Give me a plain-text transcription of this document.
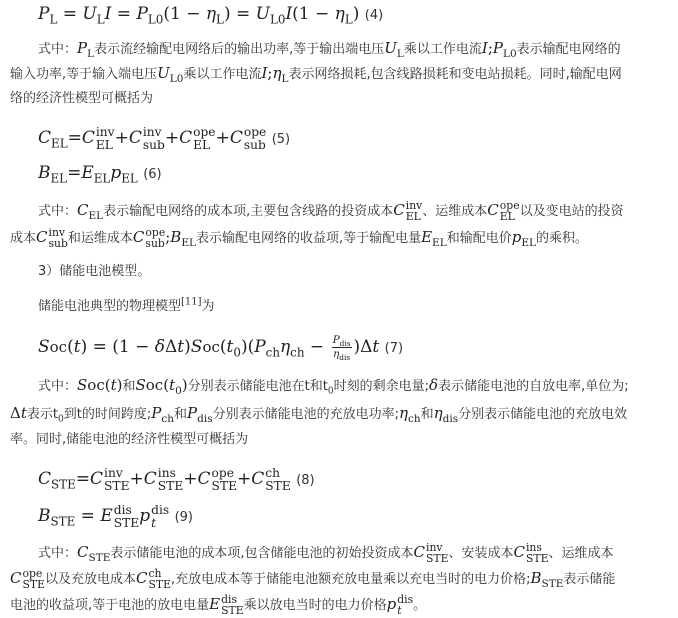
$P_L = U_LI = P_{L0}(1 - \eta_L) = U_{L0}I(1 - \eta_L)$ (4)
式中：$P_L$表示流经输配电网络后的输出功率,等于输出端电压$U_L$乘以工作电流$I;P_{L0}$表示输配电网络的
输入功率,等于输入端电压$U_{L0}$乘以工作电流$I;\eta_L$表示网络损耗,包含线路损耗和变电站损耗。同时,输配电网
络的经济性模型可概括为
$C_{EL}=C$ inv
EL +C inv
sub +C ope
EL +C ope
sub (5)
$B_{EL}=E_{EL}p_{EL}$ (6)
式中：$C_{EL}$表示输配电网络的成本项,主要包含线路的投资成本C inv
EL 、运维成本C ope
EL 以及变电站的投资
成本C inv
sub 和运维成本C ope
sub $;B_{EL}$表示输配电网络的收益项,等于输配电量$E_{EL}$和输配电价$p_{EL}$的乘积。
3）储能电池模型。
储能电池典型的物理模型[11]为
$Soc(t) = (1 - \delta\Delta t)Soc(t_0)(P_{ch}\eta_{ch} - \frac{P_{dis}}{\eta_{dis}} )\Delta t$ (7)
式中：Soc(t)和$Soc(t_0)$分别表示储能电池在t和$t_0$时刻的剩余电量;δ表示储能电池的自放电率,单位为;
Δt表示$t_0$到t的时间跨度$;P_{ch}$和$P_{dis}$分别表示储能电池的充放电功率$;\eta_{ch}$和$\eta_{dis}$分别表示储能电池的充放电效
率。同时,储能电池的经济性模型可概括为
$C_{STE}=C$ inv
STE +C ins
STE +C ope
STE +C ch
STE (8)
$B_{STE} = E$ dis
STE p dis
t	(9)
式中：$C_{STE}$表示储能电池的成本项,包含储能电池的初始投资成本C inv
STE 、安装成本C ins
STE 、运维成本
C ope
STE 以及充放电成本C ch
STE ,充放电成本等于储能电池额充放电量乘以充电当时的电力价格$;B_{STE}$表示储能
电池的收益项,等于电池的放电电量E dis
STE 乘以放电当时的电力价格p dis
t 。
